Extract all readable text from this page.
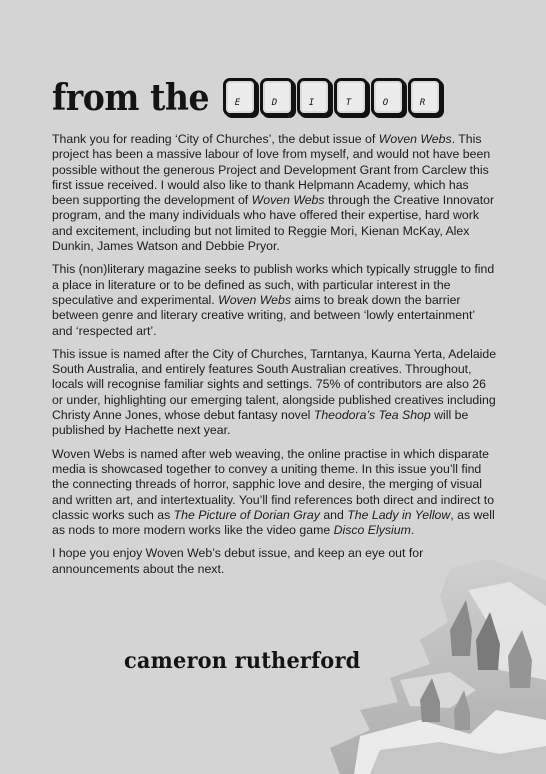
from the	E	D	I	T	O	R

Thank you for reading ‘City of Churches’, the debut issue of Woven Webs. This project has been a massive labour of love from myself, and would not have been possible without the generous Project and Development Grant from Carclew this first issue received. I would also like to thank Helpmann Academy, which has been supporting the development of Woven Webs through the Creative Innovator program, and the many individuals who have offered their expertise, hard work and excitement, including but not limited to Reggie Mori, Kienan McKay, Alex Dunkin, James Watson and Debbie Pryor.

This (non)literary magazine seeks to publish works which typically struggle to find a place in literature or to be defined as such, with particular interest in the speculative and experimental. Woven Webs aims to break down the barrier between genre and literary creative writing, and between ‘lowly entertainment’ and ‘respected art’.

This issue is named after the City of Churches, Tarntanya, Kaurna Yerta, Adelaide South Australia, and entirely features South Australian creatives. Throughout, locals will recognise familiar sights and settings. 75% of contributors are also 26 or under, highlighting our emerging talent, alongside published creatives including Christy Anne Jones, whose debut fantasy novel Theodora’s Tea Shop will be published by Hachette next year.

Woven Webs is named after web weaving, the online practise in which disparate media is showcased together to convey a uniting theme. In this issue you’ll find the connecting threads of horror, sapphic love and desire, the merging of visual and written art, and intertextuality. You’ll find references both direct and indirect to classic works such as The Picture of Dorian Gray and The Lady in Yellow, as well as nods to more modern works like the video game Disco Elysium.

I hope you enjoy Woven Web’s debut issue, and keep an eye out for announcements about the next.

cameron rutherford
